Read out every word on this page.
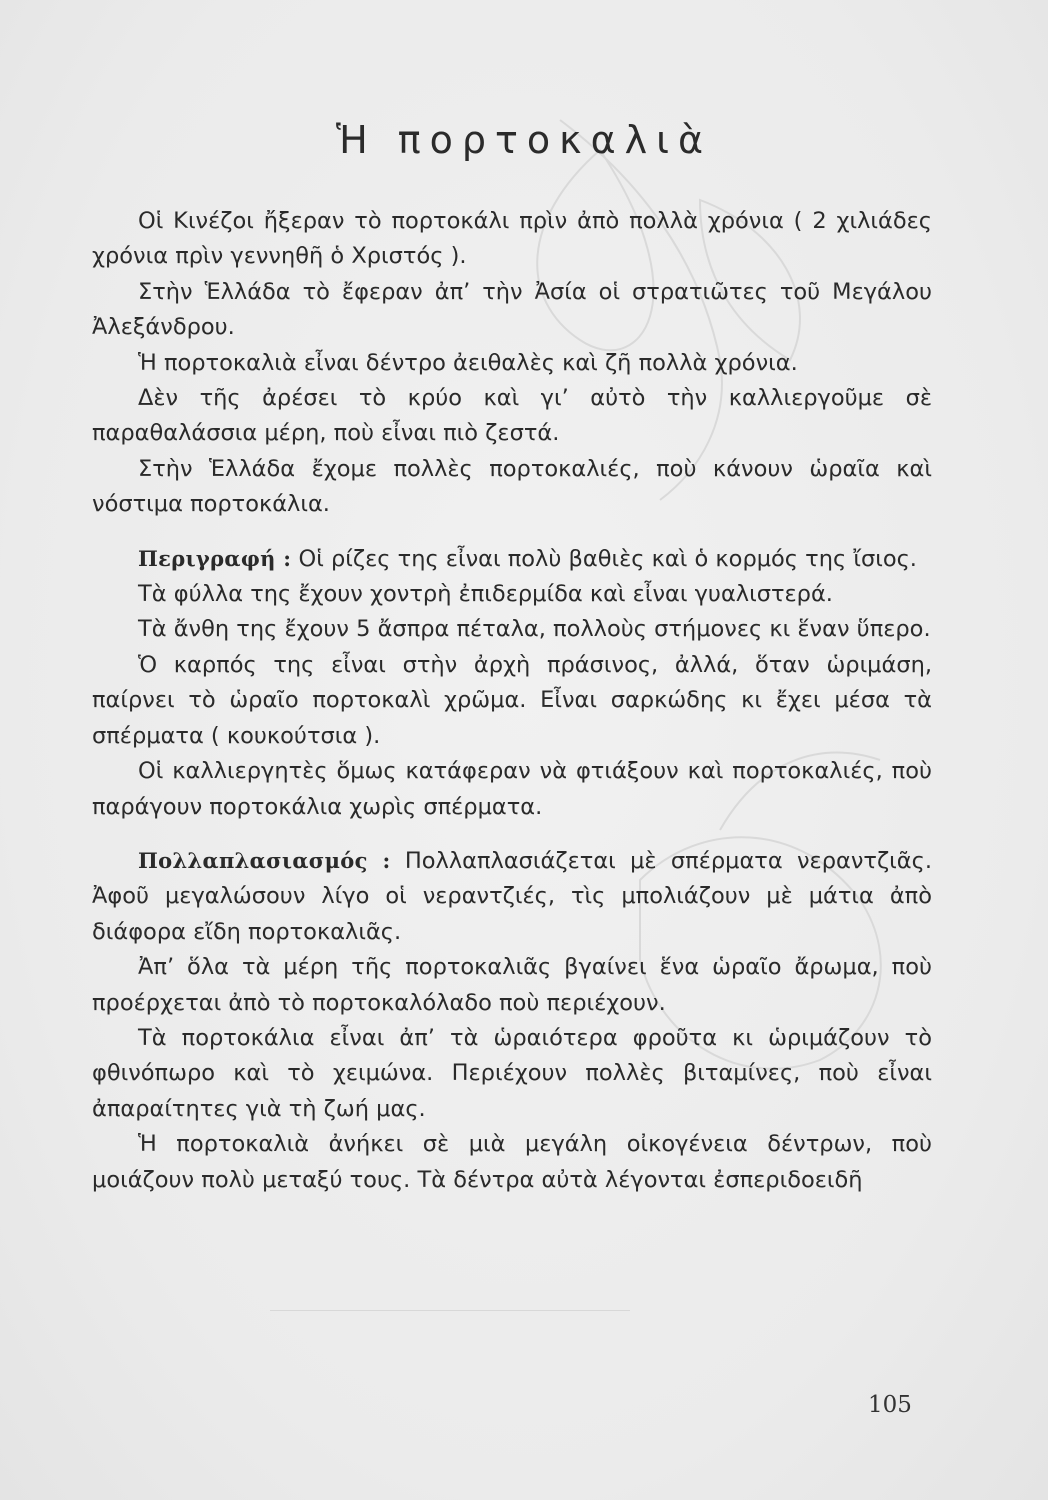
Ἡ πορτοκαλιὰ

Οἱ Κινέζοι ἤξεραν τὸ πορτοκάλι πρὶν ἀπὸ πολλὰ χρόνια ( 2 χιλιάδες χρόνια πρὶν γεννηθῆ ὁ Χριστός ).

Στὴν Ἑλλάδα τὸ ἔφεραν ἀπ’ τὴν Ἀσία οἱ στρατιῶτες τοῦ Μεγάλου Ἀλεξάνδρου.

Ἡ πορτοκαλιὰ εἶναι δέντρο ἀειθαλὲς καὶ ζῆ πολλὰ χρόνια.

Δὲν τῆς ἀρέσει τὸ κρύο καὶ γι’ αὐτὸ τὴν καλλιεργοῦμε σὲ παραθαλάσσια μέρη, ποὺ εἶναι πιὸ ζεστά.

Στὴν Ἑλλάδα ἔχομε πολλὲς πορτοκαλιές, ποὺ κάνουν ὡραῖα καὶ νόστιμα πορτοκάλια.

Περιγραφή : Οἱ ρίζες της εἶναι πολὺ βαθιὲς καὶ ὁ κορμός της ἴσιος.

Τὰ φύλλα της ἔχουν χοντρὴ ἐπιδερμίδα καὶ εἶναι γυαλιστερά.

Τὰ ἄνθη της ἔχουν 5 ἄσπρα πέταλα, πολλοὺς στήμονες κι ἕναν ὕπερο.

Ὁ καρπός της εἶναι στὴν ἀρχὴ πράσινος, ἀλλά, ὅταν ὡριμάση, παίρνει τὸ ὡραῖο πορτοκαλὶ χρῶμα. Εἶναι σαρκώδης κι ἔχει μέσα τὰ σπέρματα ( κουκούτσια ).

Οἱ καλλιεργητὲς ὅμως κατάφεραν νὰ φτιάξουν καὶ πορτοκαλιές, ποὺ παράγουν πορτοκάλια χωρὶς σπέρματα.

Πολλαπλασιασμός : Πολλαπλασιάζεται μὲ σπέρματα νεραντζιᾶς. Ἀφοῦ μεγαλώσουν λίγο οἱ νεραντζιές, τὶς μπολιάζουν μὲ μάτια ἀπὸ διάφορα εἴδη πορτοκαλιᾶς.

Ἀπ’ ὅλα τὰ μέρη τῆς πορτοκαλιᾶς βγαίνει ἕνα ὡραῖο ἄρωμα, ποὺ προέρχεται ἀπὸ τὸ πορτοκαλόλαδο ποὺ περιέχουν.

Τὰ πορτοκάλια εἶναι ἀπ’ τὰ ὡραιότερα φροῦτα κι ὡριμάζουν τὸ φθινόπωρο καὶ τὸ χειμώνα. Περιέχουν πολλὲς βιταμίνες, ποὺ εἶναι ἀπαραίτητες γιὰ τὴ ζωή μας.

Ἡ πορτοκαλιὰ ἀνήκει σὲ μιὰ μεγάλη οἰκογένεια δέντρων, ποὺ μοιάζουν πολὺ μεταξύ τους. Τὰ δέντρα αὐτὰ λέγονται ἐσπεριδοειδῆ

105
